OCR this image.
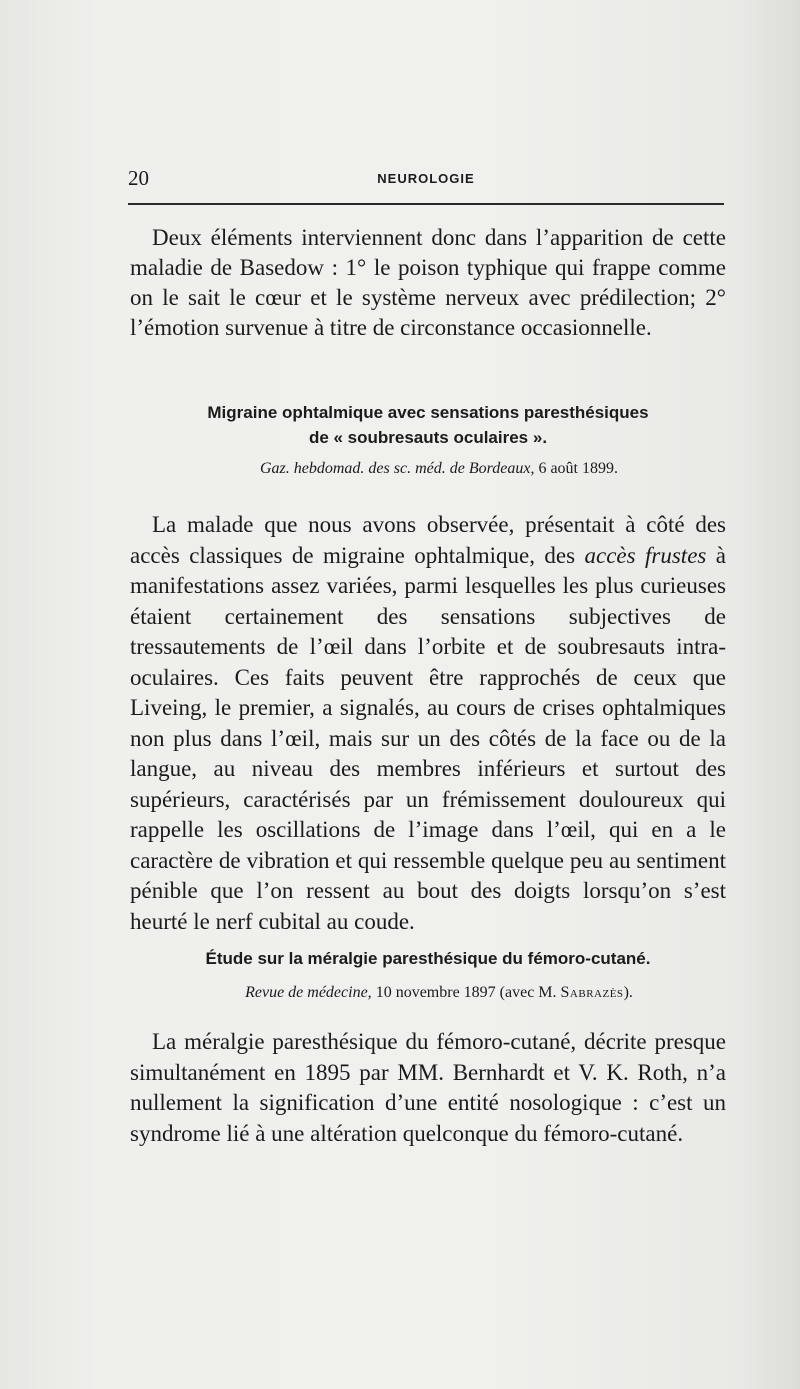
20	NEUROLOGIE

Deux éléments interviennent donc dans l’apparition de cette maladie de Basedow : 1° le poison typhique qui frappe comme on le sait le cœur et le système nerveux avec prédilection; 2° l’émotion survenue à titre de circonstance occasionnelle.

Migraine ophtalmique avec sensations paresthésiques
de « soubresauts oculaires ».

Gaz. hebdomad. des sc. méd. de Bordeaux, 6 août 1899.

La malade que nous avons observée, présentait à côté des accès classiques de migraine ophtalmique, des accès frustes à manifestations assez variées, parmi lesquelles les plus curieuses étaient certainement des sensations subjectives de tressautements de l’œil dans l’orbite et de soubresauts intra-oculaires. Ces faits peuvent être rapprochés de ceux que Liveing, le premier, a signalés, au cours de crises ophtalmiques non plus dans l’œil, mais sur un des côtés de la face ou de la langue, au niveau des membres inférieurs et surtout des supérieurs, caractérisés par un frémissement douloureux qui rappelle les oscillations de l’image dans l’œil, qui en a le caractère de vibration et qui ressemble quelque peu au sentiment pénible que l’on ressent au bout des doigts lorsqu’on s’est heurté le nerf cubital au coude.

Étude sur la méralgie paresthésique du fémoro-cutané.

Revue de médecine, 10 novembre 1897 (avec M. Sabrazès).

La méralgie paresthésique du fémoro-cutané, décrite presque simultanément en 1895 par MM. Bernhardt et V. K. Roth, n’a nullement la signification d’une entité nosologique : c’est un syndrome lié à une altération quelconque du fémoro-cutané.
